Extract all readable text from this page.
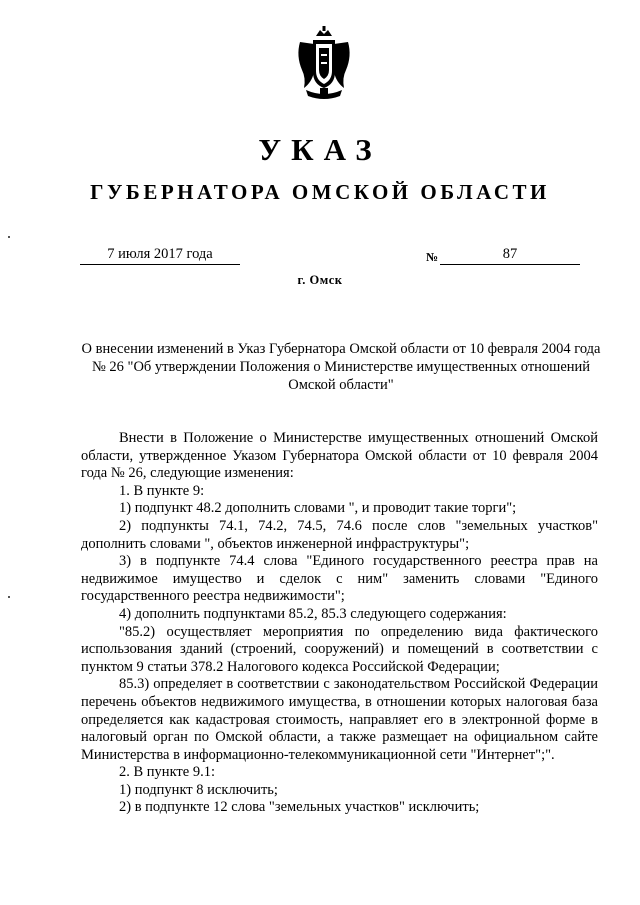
УКАЗ
ГУБЕРНАТОРА ОМСКОЙ ОБЛАСТИ
7 июля 2017 года	№	87
г. Омск
О внесении изменений в Указ Губернатора Омской области от 10 февраля 2004 года № 26 "Об утверждении Положения о Министерстве имущественных отношений Омской области"

Внести в Положение о Министерстве имущественных отношений Омской области, утвержденное Указом Губернатора Омской области от 10 февраля 2004 года № 26, следующие изменения:

1. В пункте 9:

1) подпункт 48.2 дополнить словами ", и проводит такие торги";

2) подпункты 74.1, 74.2, 74.5, 74.6 после слов "земельных участков" дополнить словами ", объектов инженерной инфраструктуры";

3) в подпункте 74.4 слова "Единого государственного реестра прав на недвижимое имущество и сделок с ним" заменить словами "Единого государственного реестра недвижимости";

4) дополнить подпунктами 85.2, 85.3 следующего содержания:

"85.2) осуществляет мероприятия по определению вида фактического использования зданий (строений, сооружений) и помещений в соответствии с пунктом 9 статьи 378.2 Налогового кодекса Российской Федерации;

85.3) определяет в соответствии с законодательством Российской Федерации перечень объектов недвижимого имущества, в отношении которых налоговая база определяется как кадастровая стоимость, направляет его в электронной форме в налоговый орган по Омской области, а также размещает на официальном сайте Министерства в информационно-телекоммуникационной сети "Интернет";".

2. В пункте 9.1:

1) подпункт 8 исключить;

2) в подпункте 12 слова "земельных участков" исключить;
